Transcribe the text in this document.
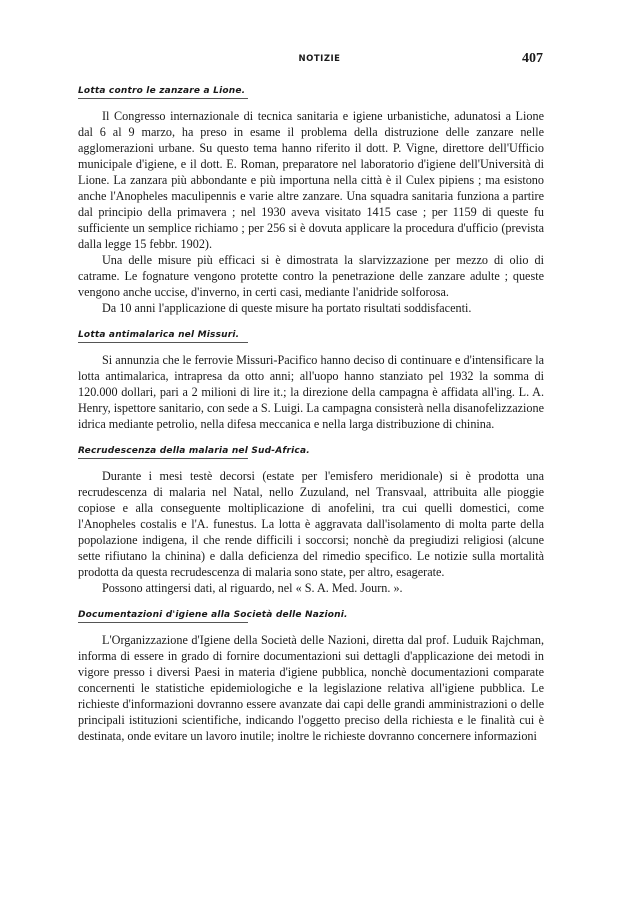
NOTIZIE	407
Lotta contro le zanzare a Lione.

Il Congresso internazionale di tecnica sanitaria e igiene urbanistiche, adunatosi a Lione dal 6 al 9 marzo, ha preso in esame il problema della distruzione delle zanzare nelle agglomerazioni urbane. Su questo tema hanno riferito il dott. P. Vigne, direttore dell'Ufficio municipale d'igiene, e il dott. E. Roman, preparatore nel laboratorio d'igiene dell'Università di Lione. La zanzara più abbondante e più importuna nella città è il Culex pipiens ; ma esistono anche l'Anopheles maculipennis e varie altre zanzare. Una squadra sanitaria funziona a partire dal principio della primavera ; nel 1930 aveva visitato 1415 case ; per 1159 di queste fu sufficiente un semplice richiamo ; per 256 si è dovuta applicare la procedura d'ufficio (prevista dalla legge 15 febbr. 1902).

Una delle misure più efficaci si è dimostrata la slarvizzazione per mezzo di olio di catrame. Le fognature vengono protette contro la penetrazione delle zanzare adulte ; queste vengono anche uccise, d'inverno, in certi casi, mediante l'anidride solforosa.

Da 10 anni l'applicazione di queste misure ha portato risultati soddisfacenti.

Lotta antimalarica nel Missuri.

Si annunzia che le ferrovie Missuri-Pacifico hanno deciso di continuare e d'intensificare la lotta antimalarica, intrapresa da otto anni; all'uopo hanno stanziato pel 1932 la somma di 120.000 dollari, pari a 2 milioni di lire it.; la direzione della campagna è affidata all'ing. L. A. Henry, ispettore sanitario, con sede a S. Luigi. La campagna consisterà nella disanofelizzazione idrica mediante petrolio, nella difesa meccanica e nella larga distribuzione di chinina.

Recrudescenza della malaria nel Sud-Africa.

Durante i mesi testè decorsi (estate per l'emisfero meridionale) si è prodotta una recrudescenza di malaria nel Natal, nello Zuzuland, nel Transvaal, attribuita alle pioggie copiose e alla conseguente moltiplicazione di anofelini, tra cui quelli domestici, come l'Anopheles costalis e l'A. funestus. La lotta è aggravata dall'isolamento di molta parte della popolazione indigena, il che rende difficili i soccorsi; nonchè da pregiudizi religiosi (alcune sette rifiutano la chinina) e dalla deficienza del rimedio specifico. Le notizie sulla mortalità prodotta da questa recrudescenza di malaria sono state, per altro, esagerate.

Possono attingersi dati, al riguardo, nel « S. A. Med. Journ. ».

Documentazioni d'igiene alla Società delle Nazioni.

L'Organizzazione d'Igiene della Società delle Nazioni, diretta dal prof. Luduik Rajchman, informa di essere in grado di fornire documentazioni sui dettagli d'applicazione dei metodi in vigore presso i diversi Paesi in materia d'igiene pubblica, nonchè documentazioni comparate concernenti le statistiche epidemiologiche e la legislazione relativa all'igiene pubblica. Le richieste d'informazioni dovranno essere avanzate dai capi delle grandi amministrazioni o delle principali istituzioni scientifiche, indicando l'oggetto preciso della richiesta e le finalità cui è destinata, onde evitare un lavoro inutile; inoltre le richieste dovranno concernere informazioni
